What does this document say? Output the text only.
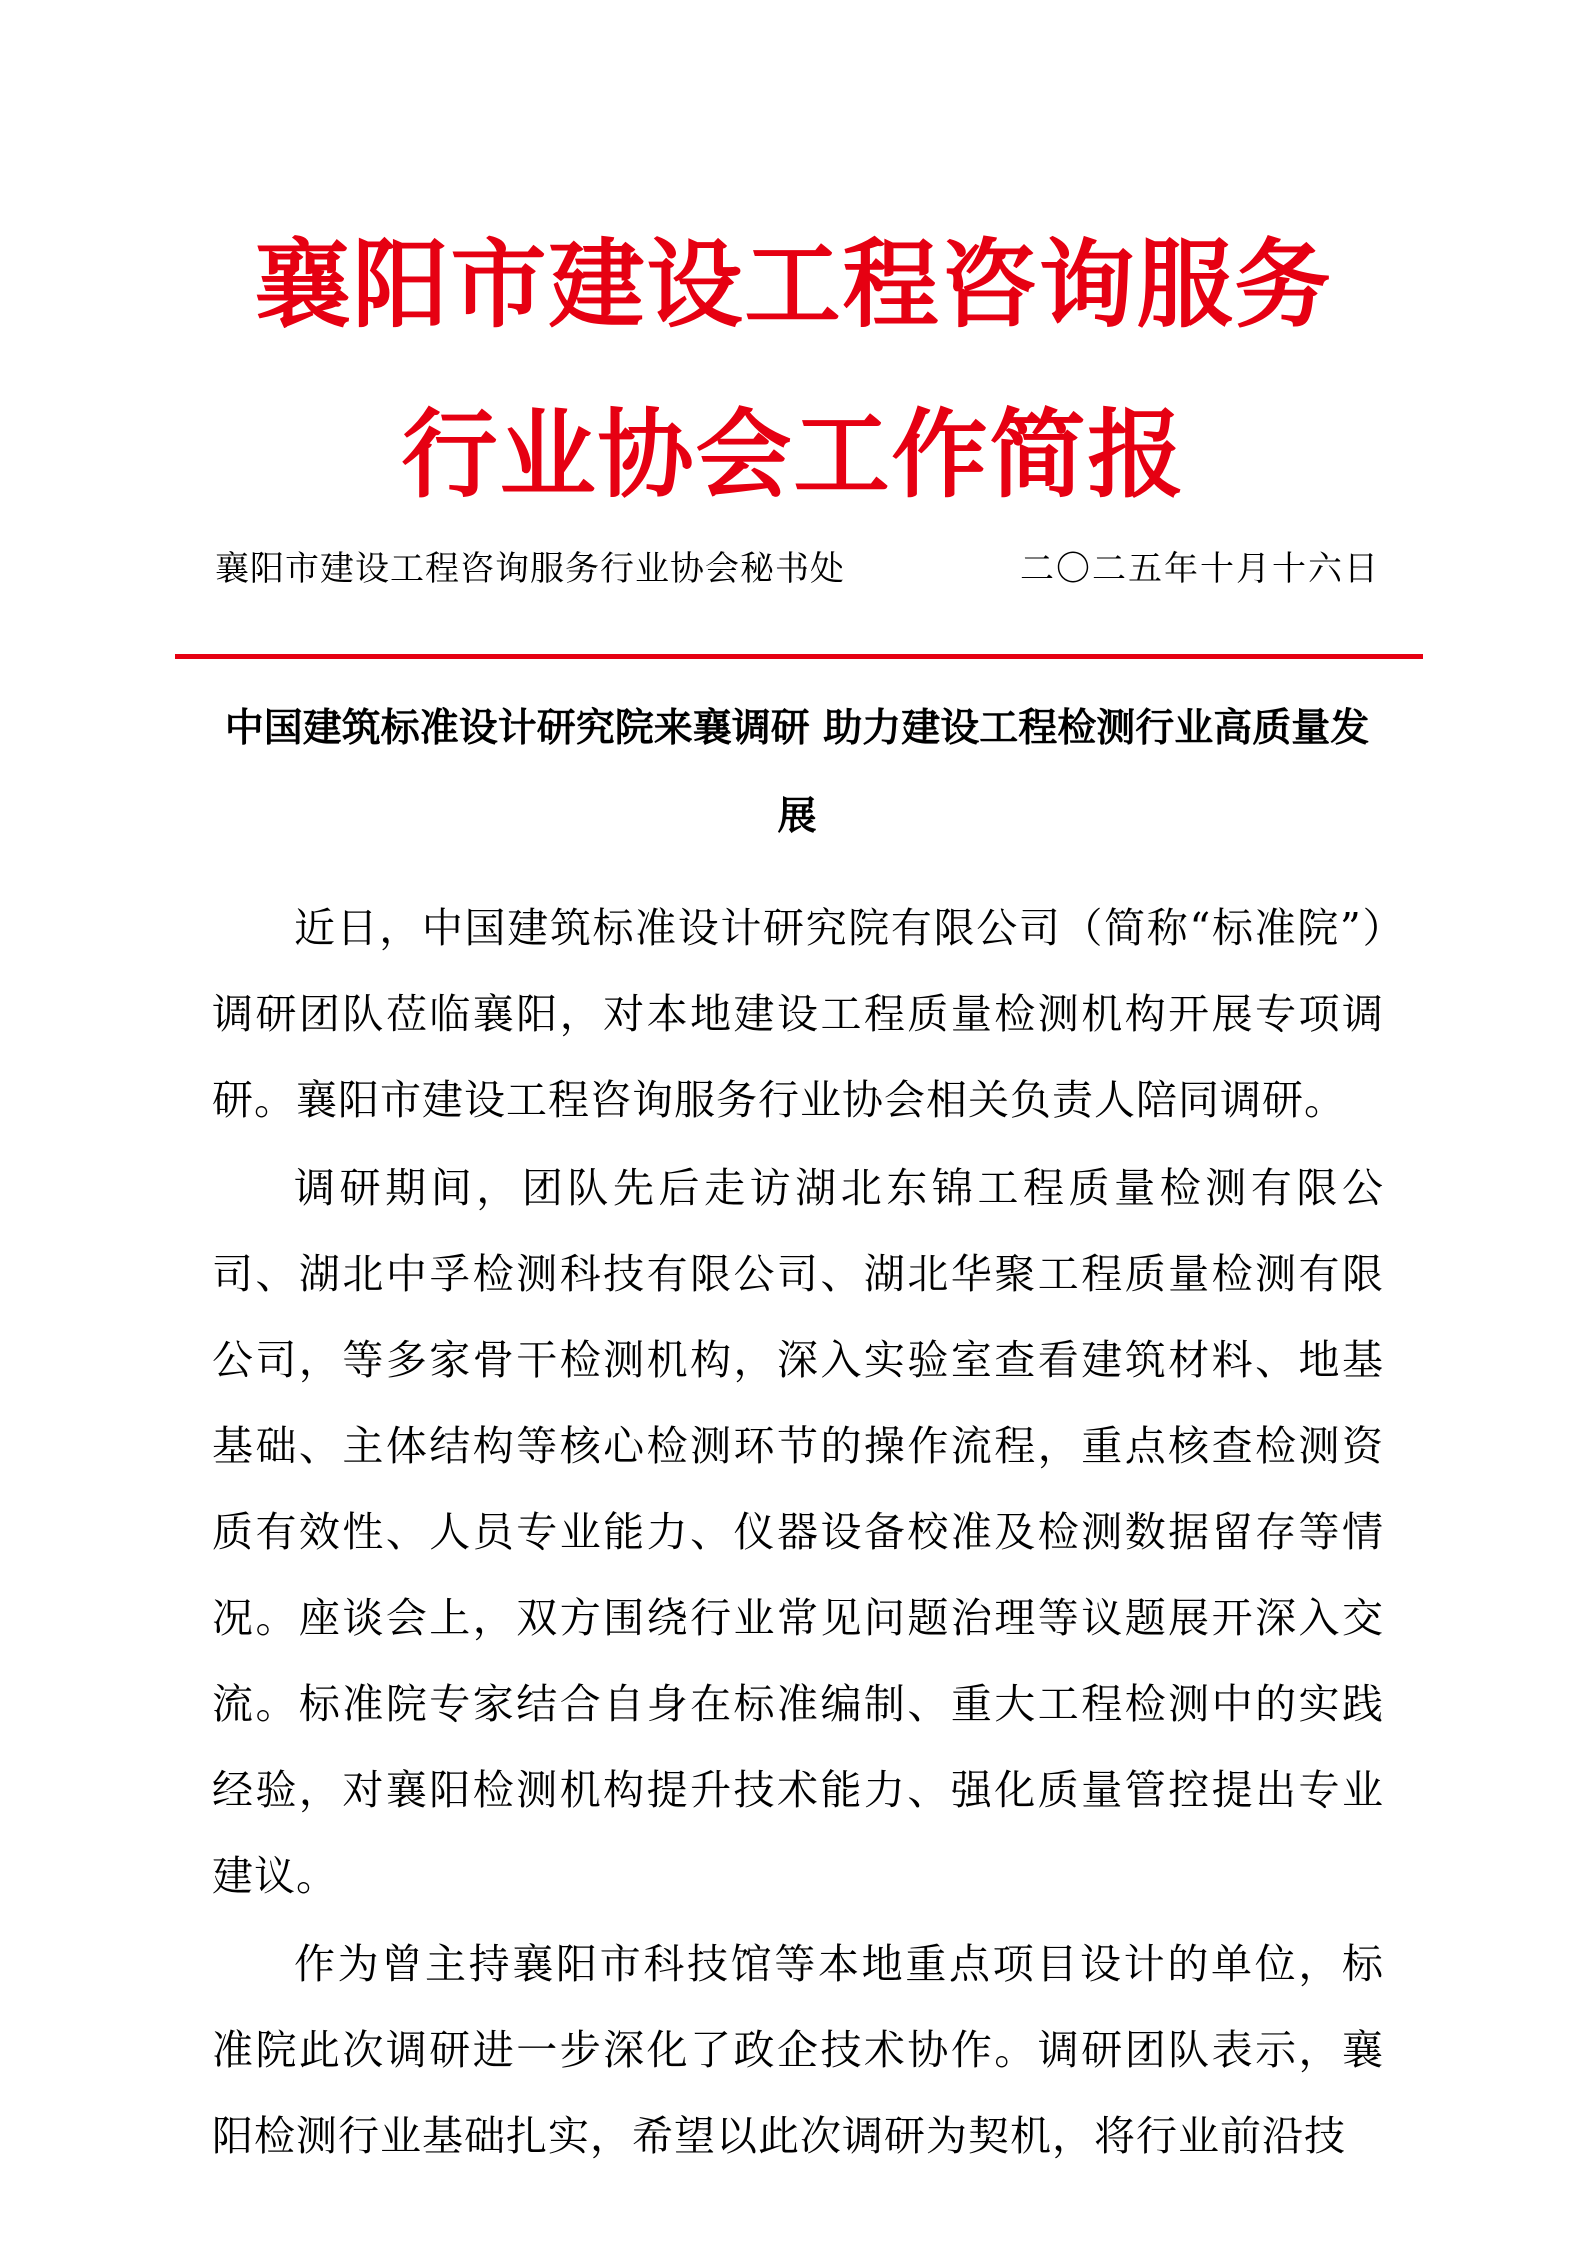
襄阳市建设工程咨询服务
行业协会工作简报
襄阳市建设工程咨询服务行业协会秘书处	二〇二五年十月十六日
中国建筑标准设计研究院来襄调研 助力建设工程检测行业高质量发展

近日，中国建筑标准设计研究院有限公司（简称“标准院”）调研团队莅临襄阳，对本地建设工程质量检测机构开展专项调研。襄阳市建设工程咨询服务行业协会相关负责人陪同调研。

调研期间，团队先后走访湖北东锦工程质量检测有限公司、湖北中孚检测科技有限公司、湖北华聚工程质量检测有限公司，等多家骨干检测机构，深入实验室查看建筑材料、地基基础、主体结构等核心检测环节的操作流程，重点核查检测资质有效性、人员专业能力、仪器设备校准及检测数据留存等情况。座谈会上，双方围绕行业常见问题治理等议题展开深入交流。标准院专家结合自身在标准编制、重大工程检测中的实践经验，对襄阳检测机构提升技术能力、强化质量管控提出专业建议。

作为曾主持襄阳市科技馆等本地重点项目设计的单位，标准院此次调研进一步深化了政企技术协作。调研团队表示，襄阳检测行业基础扎实，希望以此次调研为契机，将行业前沿技
